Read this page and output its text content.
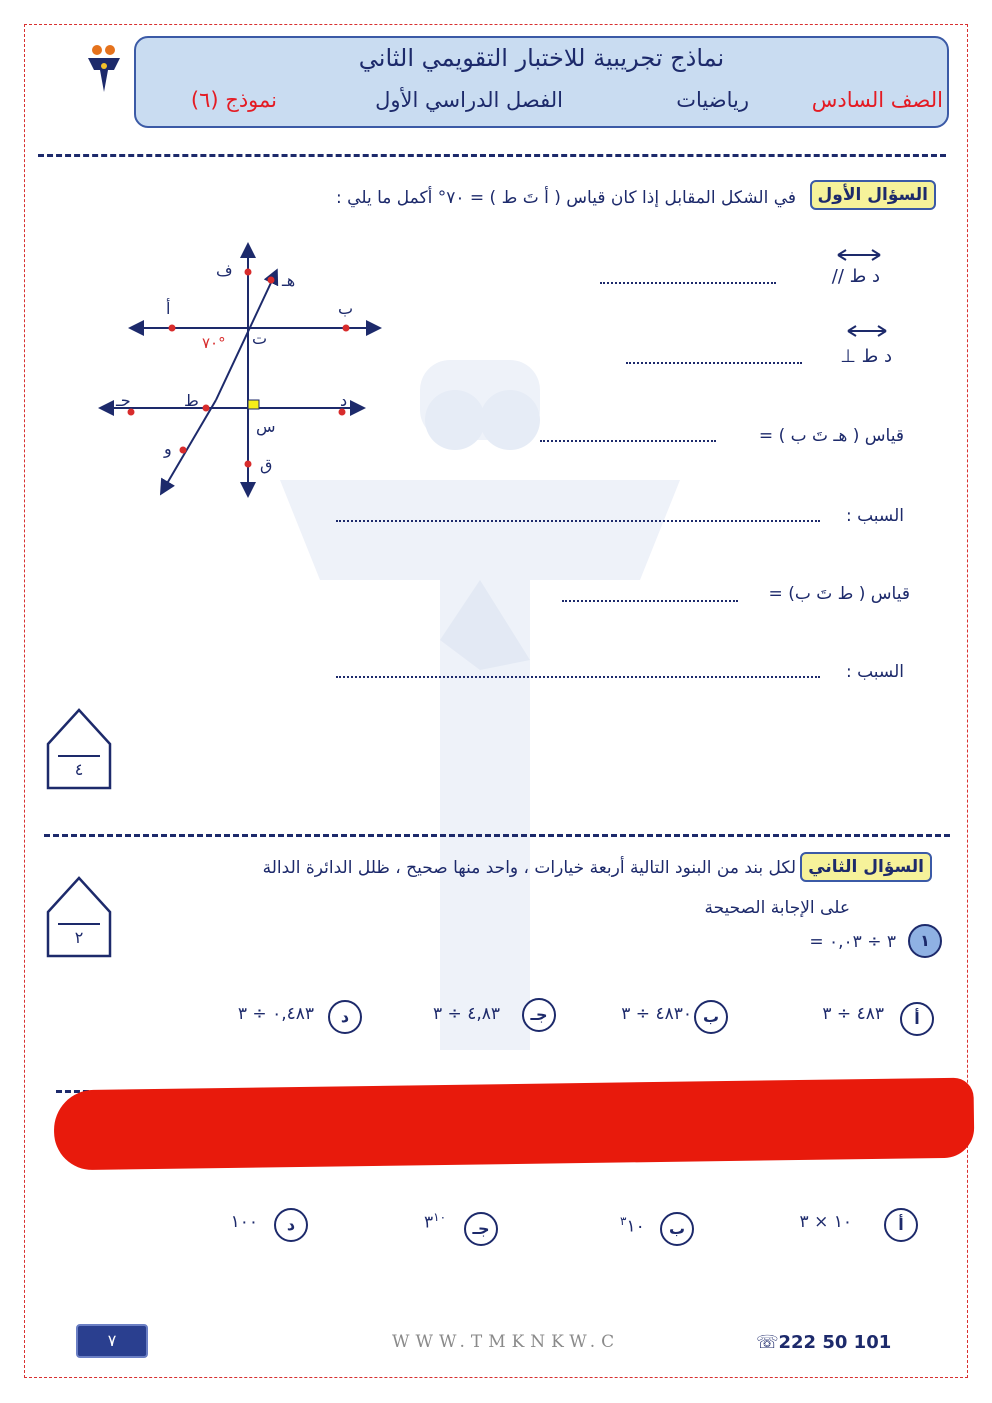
نماذج تجريبية للاختبار التقويمي الثاني
الصف السادس
رياضيات
الفصل الدراسي الأول
نموذج (٦)
السؤال الأول
في الشكل المقابل إذا كان قياس ( أ تَ ط ) = ٧٠° أكمل ما يلي :
ف
هـ
أ	ب
ت
٧٠°
جـ	ط	د
س
و
ق
د ط //
د ط ⊥
قياس ( هـ تَ ب ) =
السبب :
قياس ( ط تَ ب) =
السبب :
٤
السؤال الثاني
لكل بند من البنود التالية أربعة خيارات ، واحد منها صحيح ، ظلل الدائرة الدالة
على الإجابة الصحيحة
٢	١
٣ ÷ ٠,٠٣ =
أ
٤٨٣ ÷ ٣
ب
٤٨٣٠ ÷ ٣
جـ
٤,٨٣ ÷ ٣
د
٠,٤٨٣ ÷ ٣
أ
١٠ × ٣
ب
$^٣$١٠
جـ
$٣^{١٠}$
د
١٠٠
٧	WWW.TMKNKW.C	☏222 50 101
